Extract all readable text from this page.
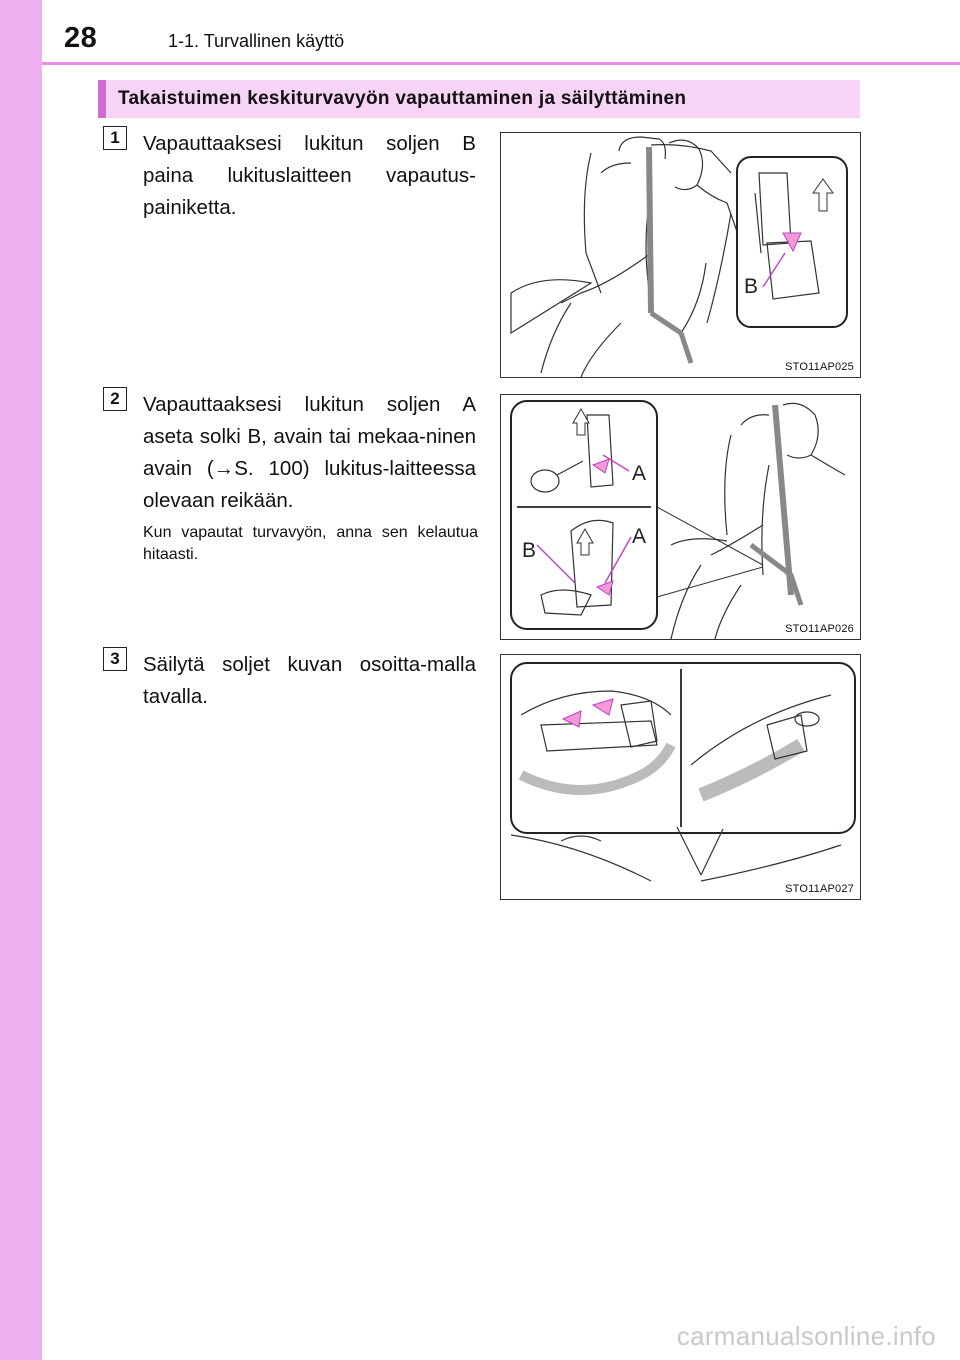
28	1-1. Turvallinen käyttö
Takaistuimen keskiturvavyön vapauttaminen ja säilyttäminen
1	Vapauttaaksesi lukitun soljen B paina lukituslaitteen vapautus-painiketta.
B
STO11AP025
2	Vapauttaaksesi lukitun soljen A aseta solki B, avain tai mekaa-ninen avain (→S. 100) lukitus-laitteessa olevaan reikään.
Kun vapautat turvavyön, anna sen kelautua hitaasti.
A
B
A
STO11AP026
3	Säilytä soljet kuvan osoitta-malla tavalla.
STO11AP027
carmanualsonline.info
